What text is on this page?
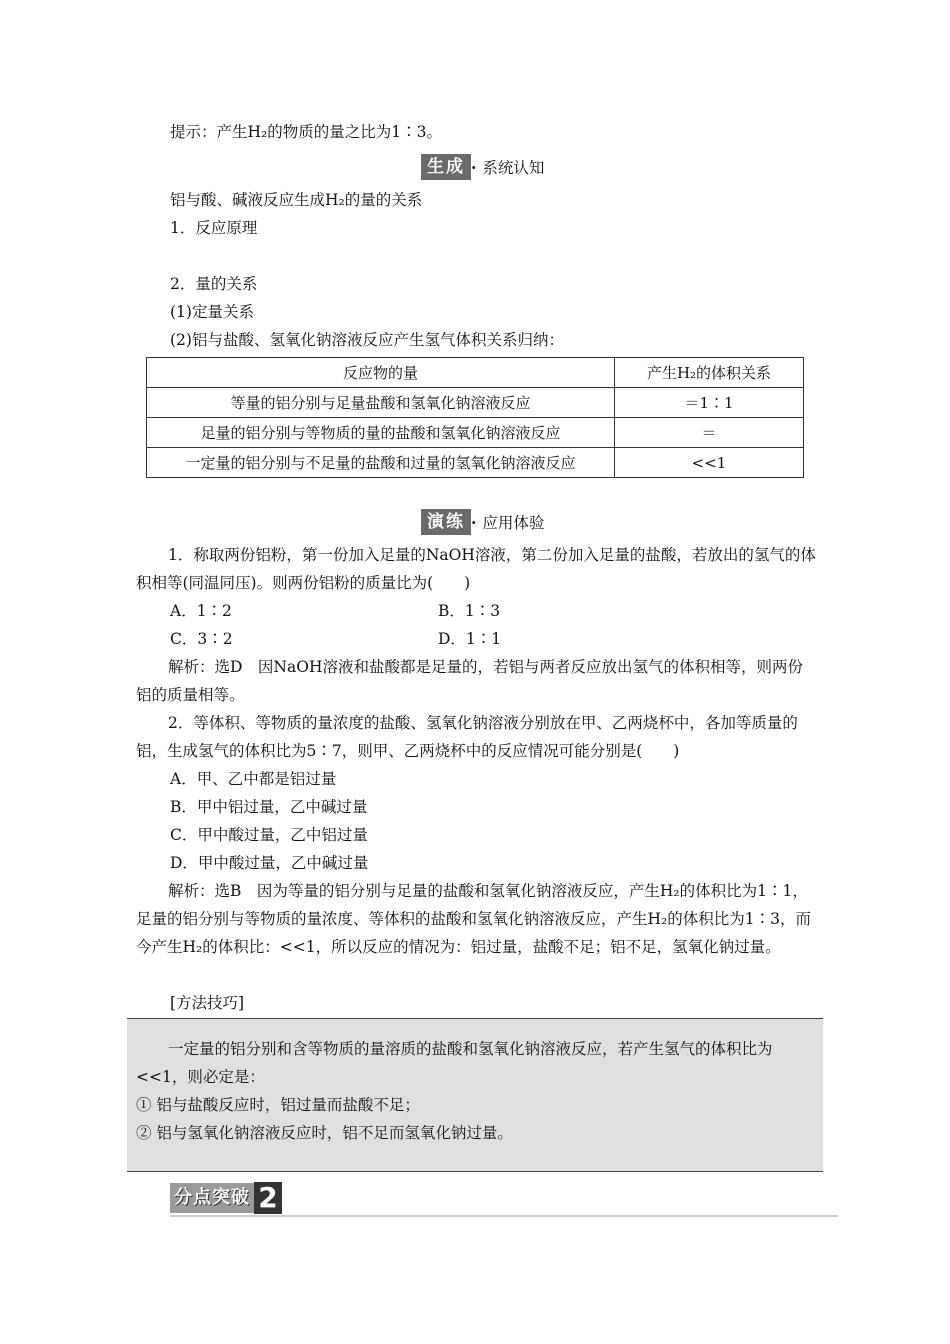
提示：产生H₂的物质的量之比为1∶3。
生成 · 系统认知
铝与酸、碱液反应生成H₂的量的关系
1．反应原理
2．量的关系
(1)定量关系
(2)铝与盐酸、氢氧化钠溶液反应产生氢气体积关系归纳：
反应物的量	产生H₂的体积关系
等量的铝分别与足量盐酸和氢氧化钠溶液反应	＝1∶1
足量的铝分别与等物质的量的盐酸和氢氧化钠溶液反应	＝
一定量的铝分别与不足量的盐酸和过量的氢氧化钠溶液反应	<<1
演练 · 应用体验
1．称取两份铝粉，第一份加入足量的NaOH溶液，第二份加入足量的盐酸，若放出的氢气的体积相等(同温同压)。则两份铝粉的质量比为(　　)
A．1∶2	B．1∶3
C．3∶2	D．1∶1
解析：选D　因NaOH溶液和盐酸都是足量的，若铝与两者反应放出氢气的体积相等，则两份铝的质量相等。
2．等体积、等物质的量浓度的盐酸、氢氧化钠溶液分别放在甲、乙两烧杯中，各加等质量的铝，生成氢气的体积比为5∶7，则甲、乙两烧杯中的反应情况可能分别是(　　)
A．甲、乙中都是铝过量
B．甲中铝过量，乙中碱过量
C．甲中酸过量，乙中铝过量
D．甲中酸过量，乙中碱过量
解析：选B　因为等量的铝分别与足量的盐酸和氢氧化钠溶液反应，产生H₂的体积比为1∶1，足量的铝分别与等物质的量浓度、等体积的盐酸和氢氧化钠溶液反应，产生H₂的体积比为1∶3，而今产生H₂的体积比：<<1，所以反应的情况为：铝过量，盐酸不足；铝不足，氢氧化钠过量。
[方法技巧]
一定量的铝分别和含等物质的量溶质的盐酸和氢氧化钠溶液反应，若产生氢气的体积比为<<1，则必定是：
① 铝与盐酸反应时，铝过量而盐酸不足；
② 铝与氢氧化钠溶液反应时，铝不足而氢氧化钠过量。
分点突破 2
